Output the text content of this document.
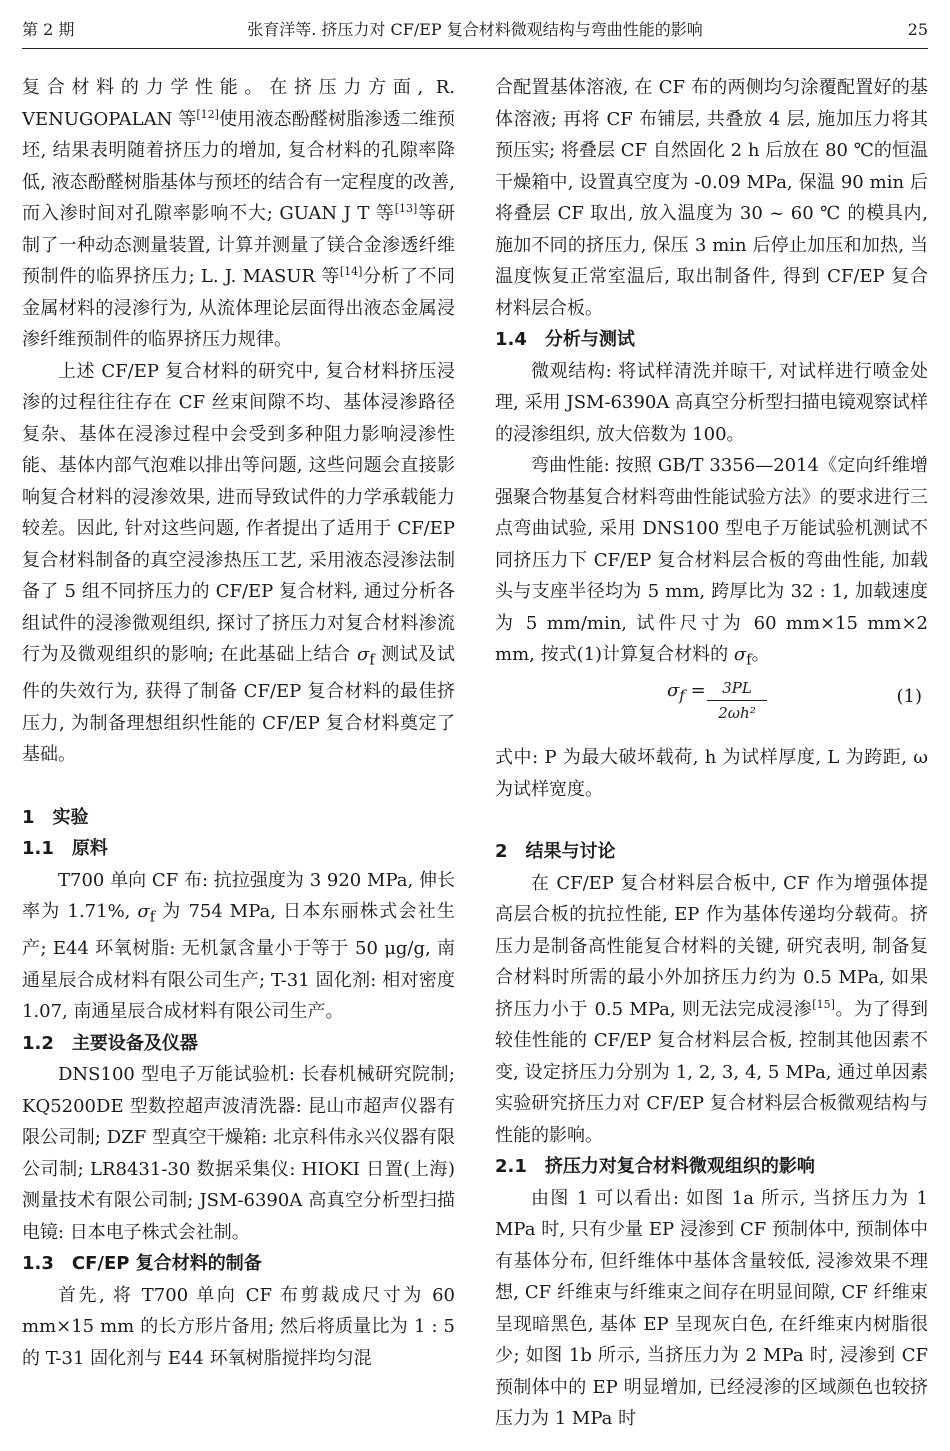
第 2 期	张育洋等. 挤压力对 CF/EP 复合材料微观结构与弯曲性能的影响	25

复合材料的力学性能。在挤压力方面, R. VENUGOPALAN 等[12]使用液态酚醛树脂渗透二维预坯, 结果表明随着挤压力的增加, 复合材料的孔隙率降低, 液态酚醛树脂基体与预坯的结合有一定程度的改善, 而入渗时间对孔隙率影响不大; GUAN J T 等[13]等研制了一种动态测量装置, 计算并测量了镁合金渗透纤维预制件的临界挤压力; L. J. MASUR 等[14]分析了不同金属材料的浸渗行为, 从流体理论层面得出液态金属浸渗纤维预制件的临界挤压力规律。

上述 CF/EP 复合材料的研究中, 复合材料挤压浸渗的过程往往存在 CF 丝束间隙不均、基体浸渗路径复杂、基体在浸渗过程中会受到多种阻力影响浸渗性能、基体内部气泡难以排出等问题, 这些问题会直接影响复合材料的浸渗效果, 进而导致试件的力学承载能力较差。因此, 针对这些问题, 作者提出了适用于 CF/EP 复合材料制备的真空浸渗热压工艺, 采用液态浸渗法制备了 5 组不同挤压力的 CF/EP 复合材料, 通过分析各组试件的浸渗微观组织, 探讨了挤压力对复合材料渗流行为及微观组织的影响; 在此基础上结合 $\sigma_f$ 测试及试件的失效行为, 获得了制备 CF/EP 复合材料的最佳挤压力, 为制备理想组织性能的 CF/EP 复合材料奠定了基础。

1　实验
1.1　原料

T700 单向 CF 布: 抗拉强度为 3 920 MPa, 伸长率为 1.71%, $\sigma_f$ 为 754 MPa, 日本东丽株式会社生产; E44 环氧树脂: 无机氯含量小于等于 50 μg/g, 南通星辰合成材料有限公司生产; T-31 固化剂: 相对密度 1.07, 南通星辰合成材料有限公司生产。

1.2　主要设备及仪器

DNS100 型电子万能试验机: 长春机械研究院制; KQ5200DE 型数控超声波清洗器: 昆山市超声仪器有限公司制; DZF 型真空干燥箱: 北京科伟永兴仪器有限公司制; LR8431-30 数据采集仪: HIOKI 日置(上海)测量技术有限公司制; JSM-6390A 高真空分析型扫描电镜: 日本电子株式会社制。

1.3　CF/EP 复合材料的制备

首先, 将 T700 单向 CF 布剪裁成尺寸为 60 mm×15 mm 的长方形片备用; 然后将质量比为 1 : 5 的 T-31 固化剂与 E44 环氧树脂搅拌均匀混

合配置基体溶液, 在 CF 布的两侧均匀涂覆配置好的基体溶液; 再将 CF 布铺层, 共叠放 4 层, 施加压力将其预压实; 将叠层 CF 自然固化 2 h 后放在 80 ℃的恒温干燥箱中, 设置真空度为 -0.09 MPa, 保温 90 min 后将叠层 CF 取出, 放入温度为 30 ~ 60 ℃ 的模具内, 施加不同的挤压力, 保压 3 min 后停止加压和加热, 当温度恢复正常室温后, 取出制备件, 得到 CF/EP 复合材料层合板。

1.4　分析与测试

微观结构: 将试样清洗并晾干, 对试样进行喷金处理, 采用 JSM-6390A 高真空分析型扫描电镜观察试样的浸渗组织, 放大倍数为 100。

弯曲性能: 按照 GB/T 3356—2014《定向纤维增强聚合物基复合材料弯曲性能试验方法》的要求进行三点弯曲试验, 采用 DNS100 型电子万能试验机测试不同挤压力下 CF/EP 复合材料层合板的弯曲性能, 加载头与支座半径均为 5 mm, 跨厚比为 32 : 1, 加载速度为 5 mm/min, 试件尺寸为 60 mm×15 mm×2 mm, 按式(1)计算复合材料的 $\sigma_f$。

$\sigma_f = \frac{3PL}{\text{2ωh²}}$	(1)

式中: P 为最大破坏载荷, h 为试样厚度, L 为跨距, ω 为试样宽度。

2　结果与讨论

在 CF/EP 复合材料层合板中, CF 作为增强体提高层合板的抗拉性能, EP 作为基体传递均分载荷。挤压力是制备高性能复合材料的关键, 研究表明, 制备复合材料时所需的最小外加挤压力约为 0.5 MPa, 如果挤压力小于 0.5 MPa, 则无法完成浸渗[15]。为了得到较佳性能的 CF/EP 复合材料层合板, 控制其他因素不变, 设定挤压力分别为 1, 2, 3, 4, 5 MPa, 通过单因素实验研究挤压力对 CF/EP 复合材料层合板微观结构与性能的影响。

2.1　挤压力对复合材料微观组织的影响

由图 1 可以看出: 如图 1a 所示, 当挤压力为 1 MPa 时, 只有少量 EP 浸渗到 CF 预制体中, 预制体中有基体分布, 但纤维体中基体含量较低, 浸渗效果不理想, CF 纤维束与纤维束之间存在明显间隙, CF 纤维束呈现暗黑色, 基体 EP 呈现灰白色, 在纤维束内树脂很少; 如图 1b 所示, 当挤压力为 2 MPa 时, 浸渗到 CF 预制体中的 EP 明显增加, 已经浸渗的区域颜色也较挤压力为 1 MPa 时
